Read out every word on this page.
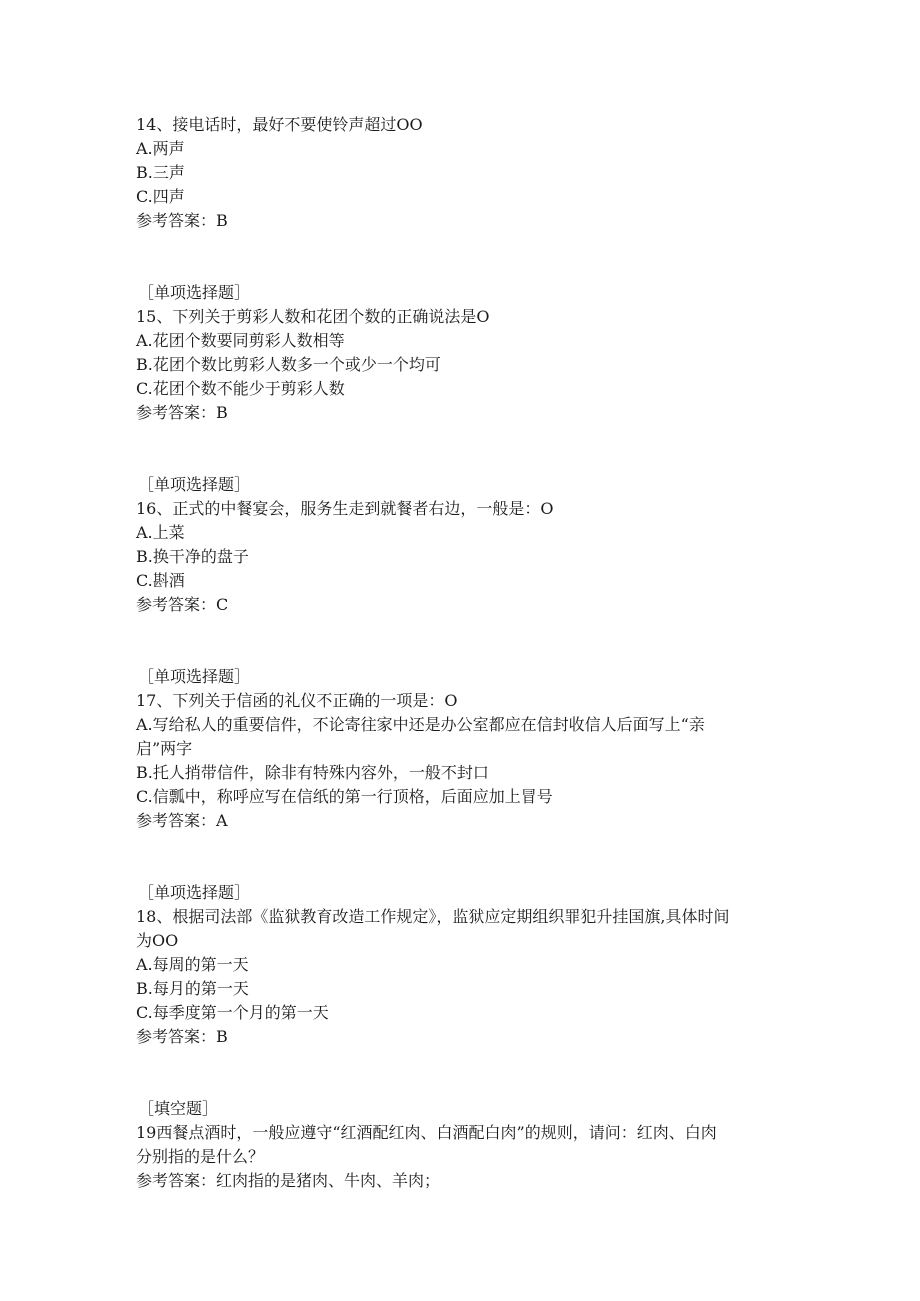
14、接电话时，最好不要使铃声超过OO
A.两声
B.三声
C.四声
参考答案：B
［单项选择题］
15、下列关于剪彩人数和花团个数的正确说法是O
A.花团个数要同剪彩人数相等
B.花团个数比剪彩人数多一个或少一个均可
C.花团个数不能少于剪彩人数
参考答案：B
［单项选择题］
16、正式的中餐宴会，服务生走到就餐者右边，一般是：O
A.上菜
B.换干净的盘子
C.斟酒
参考答案：C
［单项选择题］
17、下列关于信函的礼仪不正确的一项是：O
A.写给私人的重要信件，不论寄往家中还是办公室都应在信封收信人后面写上“亲
启”两字
B.托人捎带信件，除非有特殊内容外，一般不封口
C.信瓢中，称呼应写在信纸的第一行顶格，后面应加上冒号
参考答案：A
［单项选择题］
18、根据司法部《监狱教育改造工作规定》，监狱应定期组织罪犯升挂国旗,具体时间
为OO
A.每周的第一天
B.每月的第一天
C.每季度第一个月的第一天
参考答案：B
［填空题］
19西餐点酒时，一般应遵守“红酒配红肉、白酒配白肉”的规则，请问：红肉、白肉
分别指的是什么？
参考答案：红肉指的是猪肉、牛肉、羊肉；
